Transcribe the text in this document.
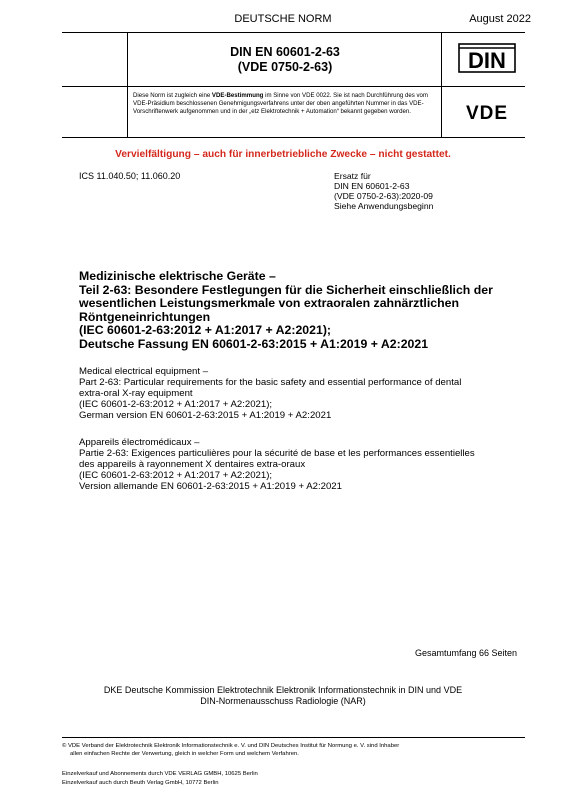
DEUTSCHE NORM	August 2022
DIN EN 60601-2-63
(VDE 0750-2-63)	DIN
Diese Norm ist zugleich eine VDE-Bestimmung im Sinne von VDE 0022. Sie ist nach Durchführung des vom VDE-Präsidium beschlossenen Genehmigungsverfahrens unter der oben angeführten Nummer in das VDE-Vorschriftenwerk aufgenommen und in der „etz Elektrotechnik + Automation“ bekannt gegeben worden.	VDE
Vervielfältigung – auch für innerbetriebliche Zwecke – nicht gestattet.
ICS 11.040.50; 11.060.20	Ersatz für
DIN EN 60601-2-63
(VDE 0750-2-63):2020-09
Siehe Anwendungsbeginn
Medizinische elektrische Geräte –
Teil 2-63: Besondere Festlegungen für die Sicherheit einschließlich der
wesentlichen Leistungsmerkmale von extraoralen zahnärztlichen
Röntgeneinrichtungen
(IEC 60601-2-63:2012 + A1:2017 + A2:2021);
Deutsche Fassung EN 60601-2-63:2015 + A1:2019 + A2:2021
Medical electrical equipment –
Part 2-63: Particular requirements for the basic safety and essential performance of dental
extra-oral X-ray equipment
(IEC 60601-2-63:2012 + A1:2017 + A2:2021);
German version EN 60601-2-63:2015 + A1:2019 + A2:2021
Appareils électromédicaux –
Partie 2-63: Exigences particulières pour la sécurité de base et les performances essentielles
des appareils à rayonnement X dentaires extra-oraux
(IEC 60601-2-63:2012 + A1:2017 + A2:2021);
Version allemande EN 60601-2-63:2015 + A1:2019 + A2:2021
Gesamtumfang 66 Seiten
DKE Deutsche Kommission Elektrotechnik Elektronik Informationstechnik in DIN und VDE
DIN-Normenausschuss Radiologie (NAR)
© VDE Verband der Elektrotechnik Elektronik Informationstechnik e. V. und DIN Deutsches Institut für Normung e. V. sind Inhaber
allen einfachen Rechte der Verwertung, gleich in welcher Form und welchem Verfahren.
Einzelverkauf und Abonnements durch VDE VERLAG GMBH, 10625 Berlin
Einzelverkauf auch durch Beuth Verlag GmbH, 10772 Berlin
